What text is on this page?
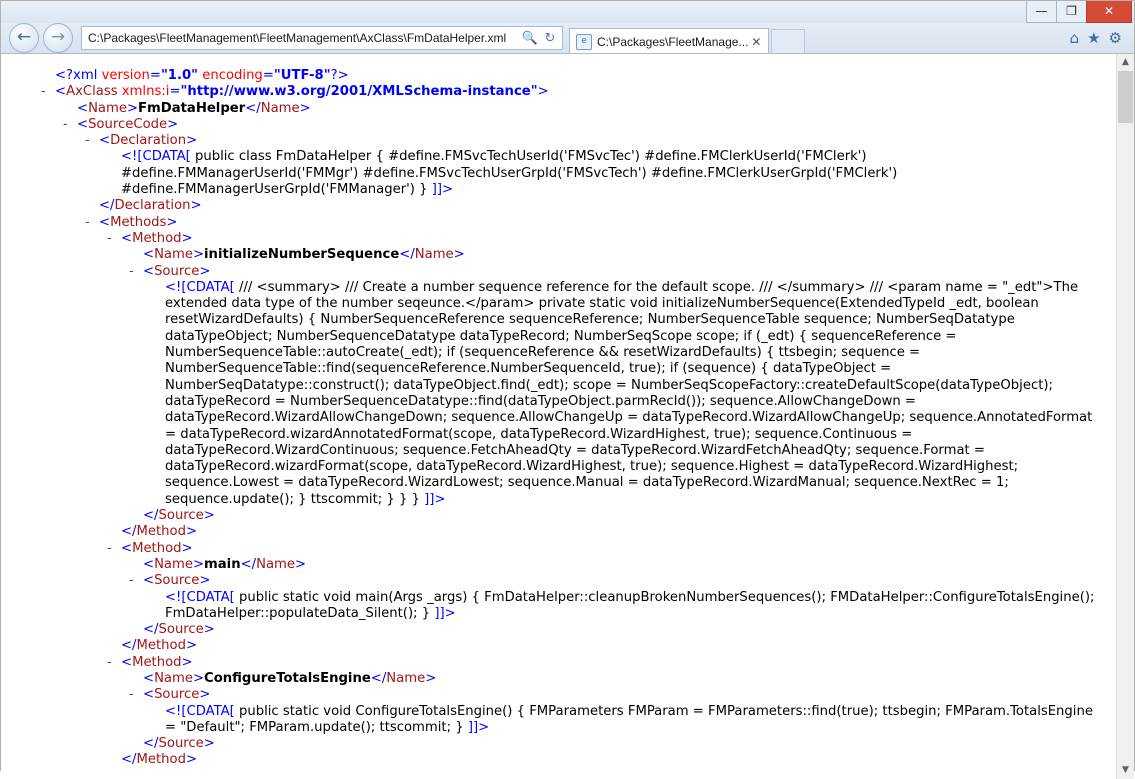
—	❐	✕
←	→	C:\Packages\FleetManagement\FleetManagement\AxClass\FmDataHelper.xml	🔍 ↻	e C:\Packages\FleetManage... ✕	⌂ ★ ⚙
<?xml version="1.0" encoding="UTF-8"?>
- <AxClass xmlns:i="http://www.w3.org/2001/XMLSchema-instance">
<Name>FmDataHelper</Name>
- <SourceCode>
- <Declaration>
<![CDATA[ public class FmDataHelper { #define.FMSvcTechUserId('FMSvcTec') #define.FMClerkUserId('FMClerk') #define.FMManagerUserId('FMMgr') #define.FMSvcTechUserGrpId('FMSvcTech') #define.FMClerkUserGrpId('FMClerk') #define.FMManagerUserGrpId('FMManager') } ]]>
</Declaration>
- <Methods>
- <Method>
<Name>initializeNumberSequence</Name>
- <Source>
<![CDATA[ /// <summary> /// Create a number sequence reference for the default scope. /// </summary> /// <param name = "_edt">The extended data type of the number seqeunce.</param> private static void initializeNumberSequence(ExtendedTypeId _edt, boolean resetWizardDefaults) { NumberSequenceReference sequenceReference; NumberSequenceTable sequence; NumberSeqDatatype dataTypeObject; NumberSequenceDatatype dataTypeRecord; NumberSeqScope scope; if (_edt) { sequenceReference = NumberSequenceTable::autoCreate(_edt); if (sequenceReference && resetWizardDefaults) { ttsbegin; sequence = NumberSequenceTable::find(sequenceReference.NumberSequenceId, true); if (sequence) { dataTypeObject = NumberSeqDatatype::construct(); dataTypeObject.find(_edt); scope = NumberSeqScopeFactory::createDefaultScope(dataTypeObject); dataTypeRecord = NumberSequenceDatatype::find(dataTypeObject.parmRecId()); sequence.AllowChangeDown = dataTypeRecord.WizardAllowChangeDown; sequence.AllowChangeUp = dataTypeRecord.WizardAllowChangeUp; sequence.AnnotatedFormat = dataTypeRecord.wizardAnnotatedFormat(scope, dataTypeRecord.WizardHighest, true); sequence.Continuous = dataTypeRecord.WizardContinuous; sequence.FetchAheadQty = dataTypeRecord.WizardFetchAheadQty; sequence.Format = dataTypeRecord.wizardFormat(scope, dataTypeRecord.WizardHighest, true); sequence.Highest = dataTypeRecord.WizardHighest; sequence.Lowest = dataTypeRecord.WizardLowest; sequence.Manual = dataTypeRecord.WizardManual; sequence.NextRec = 1; sequence.update(); } ttscommit; } } } ]]>
</Source>
</Method>
- <Method>
<Name>main</Name>
- <Source>
<![CDATA[ public static void main(Args _args) { FmDataHelper::cleanupBrokenNumberSequences(); FMDataHelper::ConfigureTotalsEngine(); FmDataHelper::populateData_Silent(); } ]]>
</Source>
</Method>
- <Method>
<Name>ConfigureTotalsEngine</Name>
- <Source>
<![CDATA[ public static void ConfigureTotalsEngine() { FMParameters FMParam = FMParameters::find(true); ttsbegin; FMParam.TotalsEngine = "Default"; FMParam.update(); ttscommit; } ]]>
</Source>
</Method>
▲
▼
